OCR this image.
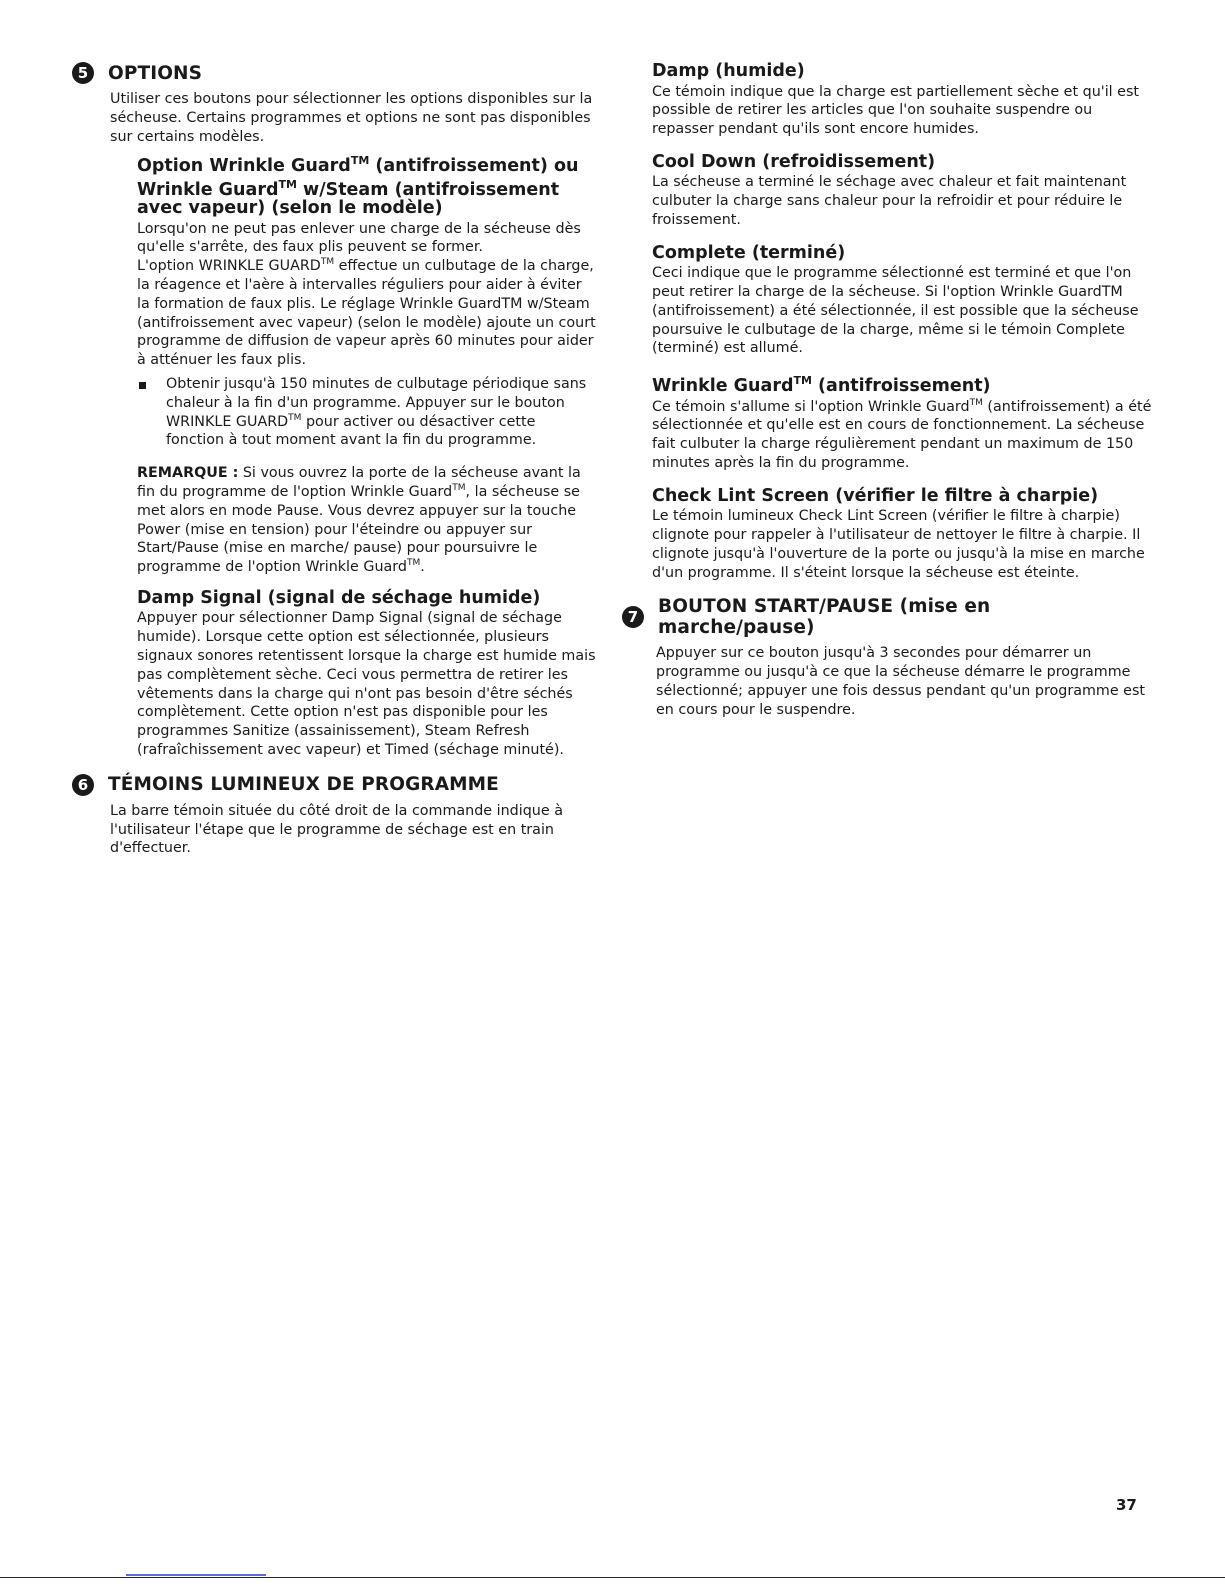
5	OPTIONS

Utiliser ces boutons pour sélectionner les options disponibles sur la sécheuse. Certains programmes et options ne sont pas disponibles sur certains modèles.

Option Wrinkle Guard™ (antifroissement) ou Wrinkle Guard™ w/Steam (antifroissement avec vapeur) (selon le modèle)

Lorsqu'on ne peut pas enlever une charge de la sécheuse dès qu'elle s'arrête, des faux plis peuvent se former.

L'option WRINKLE GUARD™ effectue un culbutage de la charge, la réagence et l'aère à intervalles réguliers pour aider à éviter la formation de faux plis. Le réglage Wrinkle GuardTM w/Steam (antifroissement avec vapeur) (selon le modèle) ajoute un court programme de diffusion de vapeur après 60 minutes pour aider à atténuer les faux plis.

Obtenir jusqu'à 150 minutes de culbutage périodique sans chaleur à la fin d'un programme. Appuyer sur le bouton WRINKLE GUARD™ pour activer ou désactiver cette fonction à tout moment avant la fin du programme.

REMARQUE : Si vous ouvrez la porte de la sécheuse avant la fin du programme de l'option Wrinkle Guard™, la sécheuse se met alors en mode Pause. Vous devrez appuyer sur la touche Power (mise en tension) pour l'éteindre ou appuyer sur Start/Pause (mise en marche/ pause) pour poursuivre le programme de l'option Wrinkle Guard™.

Damp Signal (signal de séchage humide)

Appuyer pour sélectionner Damp Signal (signal de séchage humide). Lorsque cette option est sélectionnée, plusieurs signaux sonores retentissent lorsque la charge est humide mais pas complètement sèche. Ceci vous permettra de retirer les vêtements dans la charge qui n'ont pas besoin d'être séchés complètement. Cette option n'est pas disponible pour les programmes Sanitize (assainissement), Steam Refresh (rafraîchissement avec vapeur) et Timed (séchage minuté).

6	TÉMOINS LUMINEUX DE PROGRAMME

La barre témoin située du côté droit de la commande indique à l'utilisateur l'étape que le programme de séchage est en train d'effectuer.

Damp (humide)

Ce témoin indique que la charge est partiellement sèche et qu'il est possible de retirer les articles que l'on souhaite suspendre ou repasser pendant qu'ils sont encore humides.

Cool Down (refroidissement)

La sécheuse a terminé le séchage avec chaleur et fait maintenant culbuter la charge sans chaleur pour la refroidir et pour réduire le froissement.

Complete (terminé)

Ceci indique que le programme sélectionné est terminé et que l'on peut retirer la charge de la sécheuse. Si l'option Wrinkle GuardTM (antifroissement) a été sélectionnée, il est possible que la sécheuse poursuive le culbutage de la charge, même si le témoin Complete (terminé) est allumé.

Wrinkle Guard™ (antifroissement)

Ce témoin s'allume si l'option Wrinkle Guard™ (antifroissement) a été sélectionnée et qu'elle est en cours de fonctionnement. La sécheuse fait culbuter la charge régulièrement pendant un maximum de 150 minutes après la fin du programme.

Check Lint Screen (vérifier le filtre à charpie)

Le témoin lumineux Check Lint Screen (vérifier le filtre à charpie) clignote pour rappeler à l'utilisateur de nettoyer le filtre à charpie. Il clignote jusqu'à l'ouverture de la porte ou jusqu'à la mise en marche d'un programme. Il s'éteint lorsque la sécheuse est éteinte.

7	BOUTON START/PAUSE (mise en marche/pause)

Appuyer sur ce bouton jusqu'à 3 secondes pour démarrer un programme ou jusqu'à ce que la sécheuse démarre le programme sélectionné; appuyer une fois dessus pendant qu'un programme est en cours pour le suspendre.

37
